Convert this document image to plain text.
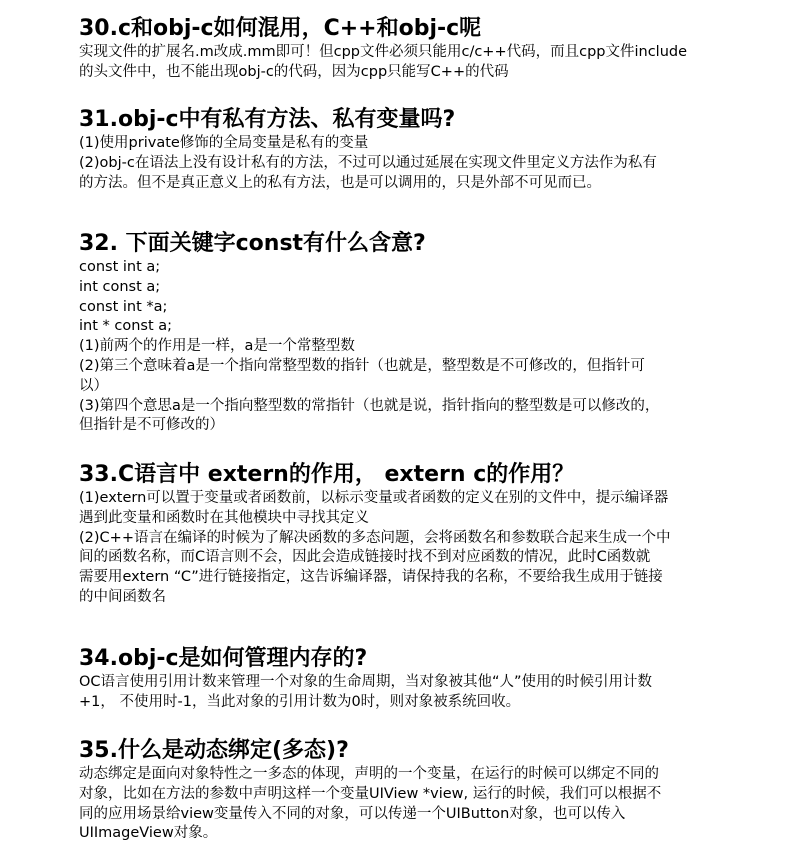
30.c和obj-c如何混用，C++和obj-c呢

实现文件的扩展名.m改成.mm即可！但cpp文件必须只能用c/c++代码，而且cpp文件include

的头文件中，也不能出现obj-c的代码，因为cpp只能写C++的代码

31.obj-c中有私有方法、私有变量吗?

(1)使用private修饰的全局变量是私有的变量

(2)obj-c在语法上没有设计私有的方法，不过可以通过延展在实现文件里定义方法作为私有

的方法。但不是真正意义上的私有方法，也是可以调用的，只是外部不可见而已。

32. 下面关键字const有什么含意?

const int a;

int const a;

const int *a;

int * const a;

(1)前两个的作用是一样，a是一个常整型数

(2)第三个意味着a是一个指向常整型数的指针（也就是，整型数是不可修改的，但指针可

以）

(3)第四个意思a是一个指向整型数的常指针（也就是说，指针指向的整型数是可以修改的，

但指针是不可修改的）

33.C语言中 extern的作用， extern c的作用？

(1)extern可以置于变量或者函数前，以标示变量或者函数的定义在别的文件中，提示编译器

遇到此变量和函数时在其他模块中寻找其定义

(2)C++语言在编译的时候为了解决函数的多态问题，会将函数名和参数联合起来生成一个中

间的函数名称，而C语言则不会，因此会造成链接时找不到对应函数的情况，此时C函数就

需要用extern “C”进行链接指定，这告诉编译器，请保持我的名称，不要给我生成用于链接

的中间函数名

34.obj-c是如何管理内存的?

OC语言使用引用计数来管理一个对象的生命周期，当对象被其他“人”使用的时候引用计数

+1， 不使用时-1，当此对象的引用计数为0时，则对象被系统回收。

35.什么是动态绑定(多态)?

动态绑定是面向对象特性之一多态的体现，声明的一个变量，在运行的时候可以绑定不同的

对象，比如在方法的参数中声明这样一个变量UIView *view, 运行的时候，我们可以根据不

同的应用场景给view变量传入不同的对象，可以传递一个UIButton对象，也可以传入

UIImageView对象。
